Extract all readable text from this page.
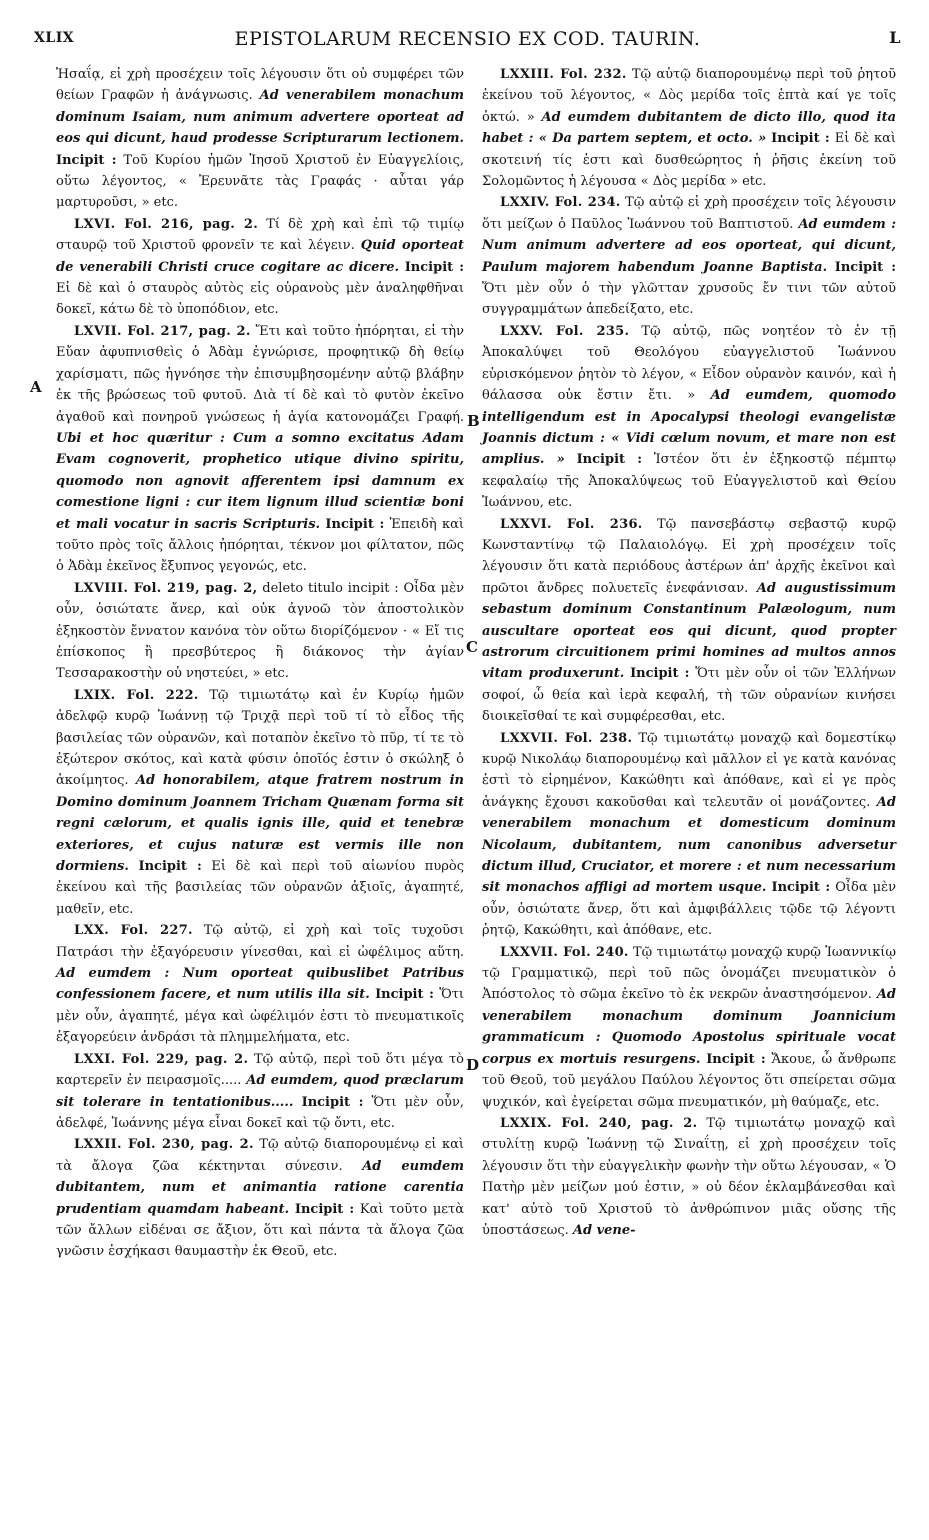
XLIX	EPISTOLARUM RECENSIO EX COD. TAURIN.	L
A
B
C
D

Ἠσαΐᾳ, εἰ χρὴ προσέχειν τοῖς λέγουσιν ὅτι οὐ συμφέρει τῶν θείων Γραφῶν ἡ ἀνάγνωσις. Ad venerabilem monachum dominum Isaiam, num animum advertere oporteat ad eos qui dicunt, haud prodesse Scripturarum lectionem. Incipit : Τοῦ Κυρίου ἡμῶν Ἰησοῦ Χριστοῦ ἐν Εὐαγγελίοις, οὕτω λέγοντος, « Ἐρευνᾶτε τὰς Γραφάς · αὗται γάρ μαρτυροῦσι, » etc.

LXVI. Fol. 216, pag. 2. Τί δὲ χρὴ καὶ ἐπὶ τῷ τιμίῳ σταυρῷ τοῦ Χριστοῦ φρονεῖν τε καὶ λέγειν. Quid oporteat de venerabili Christi cruce cogitare ac dicere. Incipit : Εἰ δὲ καὶ ὁ σταυρὸς αὐτὸς εἰς οὐρανοὺς μὲν ἀναληφθῆναι δοκεῖ, κάτω δὲ τὸ ὑποπόδιον, etc.

LXVII. Fol. 217, pag. 2. Ἔτι καὶ τοῦτο ἠπόρηται, εἰ τὴν Εὔαν ἀφυπνισθεὶς ὁ Ἀδὰμ ἐγνώρισε, προφητικῷ δὴ θείῳ χαρίσματι, πῶς ἠγνόησε τὴν ἐπισυμβησομένην αὐτῷ βλάβην ἐκ τῆς βρώσεως τοῦ φυτοῦ. Διὰ τί δὲ καὶ τὸ φυτὸν ἐκεῖνο ἀγαθοῦ καὶ πονηροῦ γνώσεως ἡ ἁγία κατονομάζει Γραφή. Ubi et hoc quæritur : Cum a somno excitatus Adam Evam cognoverit, prophetico utique divino spiritu, quomodo non agnovit afferentem ipsi damnum ex comestione ligni : cur item lignum illud scientiæ boni et mali vocatur in sacris Scripturis. Incipit : Ἐπειδὴ καὶ τοῦτο πρὸς τοῖς ἄλλοις ἠπόρηται, τέκνον μοι φίλτατον, πῶς ὁ Ἀδὰμ ἐκεῖνος ἔξυπνος γεγονώς, etc.

LXVIII. Fol. 219, pag. 2, deleto titulo incipit : Οἶδα μὲν οὖν, ὁσιώτατε ἄνερ, καὶ οὐκ ἀγνοῶ τὸν ἀποστολικὸν ἐξηκοστὸν ἔννατον κανόνα τὸν οὕτω διορίζόμενον · « Εἴ τις ἐπίσκοπος ἢ πρεσβύτερος ἢ διάκονος τὴν ἁγίαν Τεσσαρακοστὴν οὐ νηστεύει, » etc.

LXIX. Fol. 222. Τῷ τιμιωτάτῳ καὶ ἐν Κυρίῳ ἡμῶν ἀδελφῷ κυρῷ Ἰωάννῃ τῷ Τριχᾷ περὶ τοῦ τί τὸ εἶδος τῆς βασιλείας τῶν οὐρανῶν, καὶ ποταπὸν ἐκεῖνο τὸ πῦρ, τί τε τὸ ἐξώτερον σκότος, καὶ κατὰ φύσιν ὁποῖός ἐστιν ὁ σκώληξ ὁ ἀκοίμητος. Ad honorabilem, atque fratrem nostrum in Domino dominum Joannem Tricham Quænam forma sit regni cælorum, et qualis ignis ille, quid et tenebræ exteriores, et cujus naturæ est vermis ille non dormiens. Incipit : Εἰ δὲ καὶ περὶ τοῦ αἰωνίου πυρὸς ἐκείνου καὶ τῆς βασιλείας τῶν οὐρανῶν ἀξιοῖς, ἀγαπητέ, μαθεῖν, etc.

LXX. Fol. 227. Τῷ αὐτῷ, εἰ χρὴ καὶ τοῖς τυχοῦσι Πατράσι τὴν ἐξαγόρευσιν γίνεσθαι, καὶ εἰ ὠφέλιμος αὕτη. Ad eumdem : Num oporteat quibuslibet Patribus confessionem facere, et num utilis illa sit. Incipit : Ὅτι μὲν οὖν, ἀγαπητέ, μέγα καὶ ὠφέλιμόν ἐστι τὸ πνευματικοῖς ἐξαγορεύειν ἀνδράσι τὰ πλημμελήματα, etc.

LXXI. Fol. 229, pag. 2. Τῷ αὐτῷ, περὶ τοῦ ὅτι μέγα τὸ καρτερεῖν ἐν πειρασμοῖς..... Ad eumdem, quod præclarum sit tolerare in tentationibus..... Incipit : Ὅτι μὲν οὖν, ἀδελφέ, Ἰωάννης μέγα εἶναι δοκεῖ καὶ τῷ ὄντι, etc.

LXXII. Fol. 230, pag. 2. Τῷ αὐτῷ διαπορουμένῳ εἰ καὶ τὰ ἄλογα ζῶα κέκτηνται σύνεσιν. Ad eumdem dubitantem, num et animantia ratione carentia prudentiam quamdam habeant. Incipit : Καὶ τοῦτο μετὰ τῶν ἄλλων εἰδέναι σε ἄξιον, ὅτι καὶ πάντα τὰ ἄλογα ζῶα γνῶσιν ἐσχήκασι θαυμαστὴν ἐκ Θεοῦ, etc.

LXXIII. Fol. 232. Τῷ αὐτῷ διαπορουμένῳ περὶ τοῦ ῥητοῦ ἐκείνου τοῦ λέγοντος, « Δὸς μερίδα τοῖς ἑπτὰ καί γε τοῖς ὀκτώ. » Ad eumdem dubitantem de dicto illo, quod ita habet : « Da partem septem, et octo. » Incipit : Εἰ δὲ καὶ σκοτεινή τίς ἐστι καὶ δυσθεώρητος ἡ ῥῆσις ἐκείνη τοῦ Σολομῶντος ἡ λέγουσα « Δὸς μερίδα » etc.

LXXIV. Fol. 234. Τῷ αὐτῷ εἰ χρὴ προσέχειν τοῖς λέγουσιν ὅτι μείζων ὁ Παῦλος Ἰωάννου τοῦ Βαπτιστοῦ. Ad eumdem : Num animum advertere ad eos oporteat, qui dicunt, Paulum majorem habendum Joanne Baptista. Incipit : Ὅτι μὲν οὖν ὁ τὴν γλῶτταν χρυσοῦς ἔν τινι τῶν αὐτοῦ συγγραμμάτων ἀπεδείξατο, etc.

LXXV. Fol. 235. Τῷ αὐτῷ, πῶς νοητέον τὸ ἐν τῇ Ἀποκαλύψει τοῦ Θεολόγου εὐαγγελιστοῦ Ἰωάννου εὑρισκόμενον ῥητὸν τὸ λέγον, « Εἶδον οὐρανὸν καινόν, καὶ ἡ θάλασσα οὐκ ἔστιν ἔτι. » Ad eumdem, quomodo intelligendum est in Apocalypsi theologi evangelistæ Joannis dictum : « Vidi cœlum novum, et mare non est amplius. » Incipit : Ἰστέον ὅτι ἐν ἑξηκοστῷ πέμπτῳ κεφαλαίῳ τῆς Ἀποκαλύψεως τοῦ Εὐαγγελιστοῦ καὶ Θείου Ἰωάννου, etc.

LXXVI. Fol. 236. Τῷ πανσεβάστῳ σεβαστῷ κυρῷ Κωνσταντίνῳ τῷ Παλαιολόγῳ. Εἰ χρὴ προσέχειν τοῖς λέγουσιν ὅτι κατὰ περιόδους ἀστέρων ἀπ' ἀρχῆς ἐκεῖνοι καὶ πρῶτοι ἄνδρες πολυετεῖς ἐνεφάνισαν. Ad augustissimum sebastum dominum Constantinum Palæologum, num auscultare oporteat eos qui dicunt, quod propter astrorum circuitionem primi homines ad multos annos vitam produxerunt. Incipit : Ὅτι μὲν οὖν οἱ τῶν Ἑλλήνων σοφοί, ὦ θεία καὶ ἱερὰ κεφαλή, τὴ τῶν οὐρανίων κινήσει διοικεῖσθαί τε καὶ συμφέρεσθαι, etc.

LXXVII. Fol. 238. Τῷ τιμιωτάτῳ μοναχῷ καὶ δομεστίκῳ κυρῷ Νικολάῳ διαπορουμένῳ καὶ μᾶλλον εἰ γε κατὰ κανόνας ἐστὶ τὸ εἰρημένον, Κακώθητι καὶ ἀπόθανε, καὶ εἰ γε πρὸς ἀνάγκης ἔχουσι κακοῦσθαι καὶ τελευτᾶν οἱ μονάζοντες. Ad venerabilem monachum et domesticum dominum Nicolaum, dubitantem, num canonibus adversetur dictum illud, Cruciator, et morere : et num necessarium sit monachos affligi ad mortem usque. Incipit : Οἶδα μὲν οὖν, ὁσιώτατε ἄνερ, ὅτι καὶ ἀμφιβάλλεις τῷδε τῷ λέγοντι ῥητῷ, Κακώθητι, καὶ ἀπόθανε, etc.

LXXVII. Fol. 240. Τῷ τιμιωτάτῳ μοναχῷ κυρῷ Ἰωαννικίῳ τῷ Γραμματικῷ, περὶ τοῦ πῶς ὀνομάζει πνευματικὸν ὁ Ἀπόστολος τὸ σῶμα ἐκεῖνο τὸ ἐκ νεκρῶν ἀναστησόμενον. Ad venerabilem monachum dominum Joannicium grammaticum : Quomodo Apostolus spirituale vocat corpus ex mortuis resurgens. Incipit : Ἄκουε, ὦ ἄνθρωπε τοῦ Θεοῦ, τοῦ μεγάλου Παύλου λέγοντος ὅτι σπείρεται σῶμα ψυχικόν, καὶ ἐγείρεται σῶμα πνευματικόν, μὴ θαύμαζε, etc.

LXXIX. Fol. 240, pag. 2. Τῷ τιμιωτάτῳ μοναχῷ καὶ στυλίτῃ κυρῷ Ἰωάννῃ τῷ Σιναΐτῃ, εἰ χρὴ προσέχειν τοῖς λέγουσιν ὅτι τὴν εὐαγγελικὴν φωνὴν τὴν οὕτω λέγουσαν, « Ὁ Πατὴρ μὲν μείζων μού ἐστιν, » οὐ δέον ἐκλαμβάνεσθαι καὶ κατ' αὐτὸ τοῦ Χριστοῦ τὸ ἀνθρώπινον μιᾶς οὔσης τῆς ὑποστάσεως. Ad vene-
